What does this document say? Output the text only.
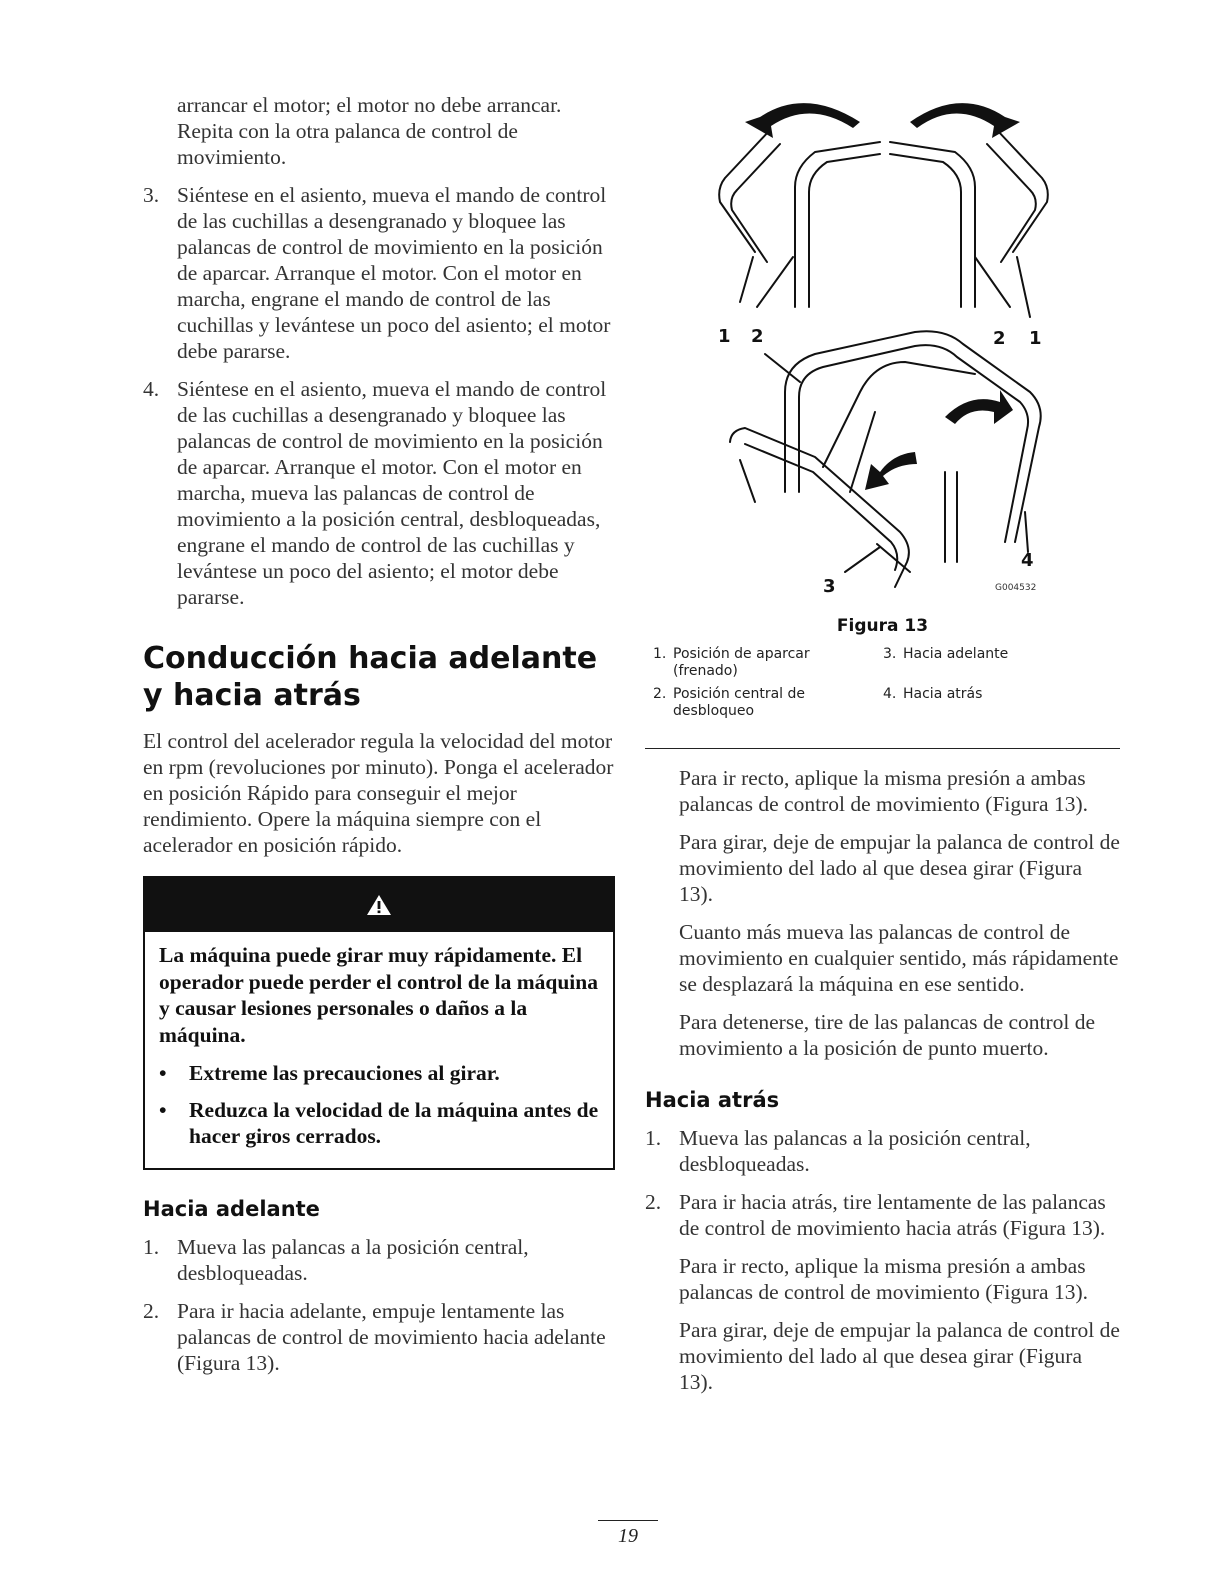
arrancar el motor; el motor no debe arrancar. Repita con la otra palanca de control de movimiento.

3. Siéntese en el asiento, mueva el mando de control de las cuchillas a desengranado y bloquee las palancas de control de movimiento en la posición de aparcar. Arranque el motor. Con el motor en marcha, engrane el mando de control de las cuchillas y levántese un poco del asiento; el motor debe pararse.
4. Siéntese en el asiento, mueva el mando de control de las cuchillas a desengranado y bloquee las palancas de control de movimiento en la posición de aparcar. Arranque el motor. Con el motor en marcha, mueva las palancas de control de movimiento a la posición central, desbloqueadas, engrane el mando de control de las cuchillas y levántese un poco del asiento; el motor debe pararse.
Conducción hacia adelante y hacia atrás

El control del acelerador regula la velocidad del motor en rpm (revoluciones por minuto). Ponga el acelerador en posición Rápido para conseguir el mejor rendimiento. Opere la máquina siempre con el acelerador en posición rápido.

La máquina puede girar muy rápidamente. El operador puede perder el control de la máquina y causar lesiones personales o daños a la máquina.

• Extreme las precauciones al girar.
• Reduzca la velocidad de la máquina antes de hacer giros cerrados.
Hacia adelante
1. Mueva las palancas a la posición central, desbloqueadas.
2. Para ir hacia adelante, empuje lentamente las palancas de control de movimiento hacia adelante (Figura 13).
1 2	2 1
3
4
G004532
Figura 13
1. Posición de aparcar (frenado)
3. Hacia adelante
2. Posición central de desbloqueo
4. Hacia atrás

Para ir recto, aplique la misma presión a ambas palancas de control de movimiento (Figura 13).

Para girar, deje de empujar la palanca de control de movimiento del lado al que desea girar (Figura 13).

Cuanto más mueva las palancas de control de movimiento en cualquier sentido, más rápidamente se desplazará la máquina en ese sentido.

Para detenerse, tire de las palancas de control de movimiento a la posición de punto muerto.

Hacia atrás
1. Mueva las palancas a la posición central, desbloqueadas.
2. Para ir hacia atrás, tire lentamente de las palancas de control de movimiento hacia atrás (Figura 13).

Para ir recto, aplique la misma presión a ambas palancas de control de movimiento (Figura 13).

Para girar, deje de empujar la palanca de control de movimiento del lado al que desea girar (Figura 13).

19
